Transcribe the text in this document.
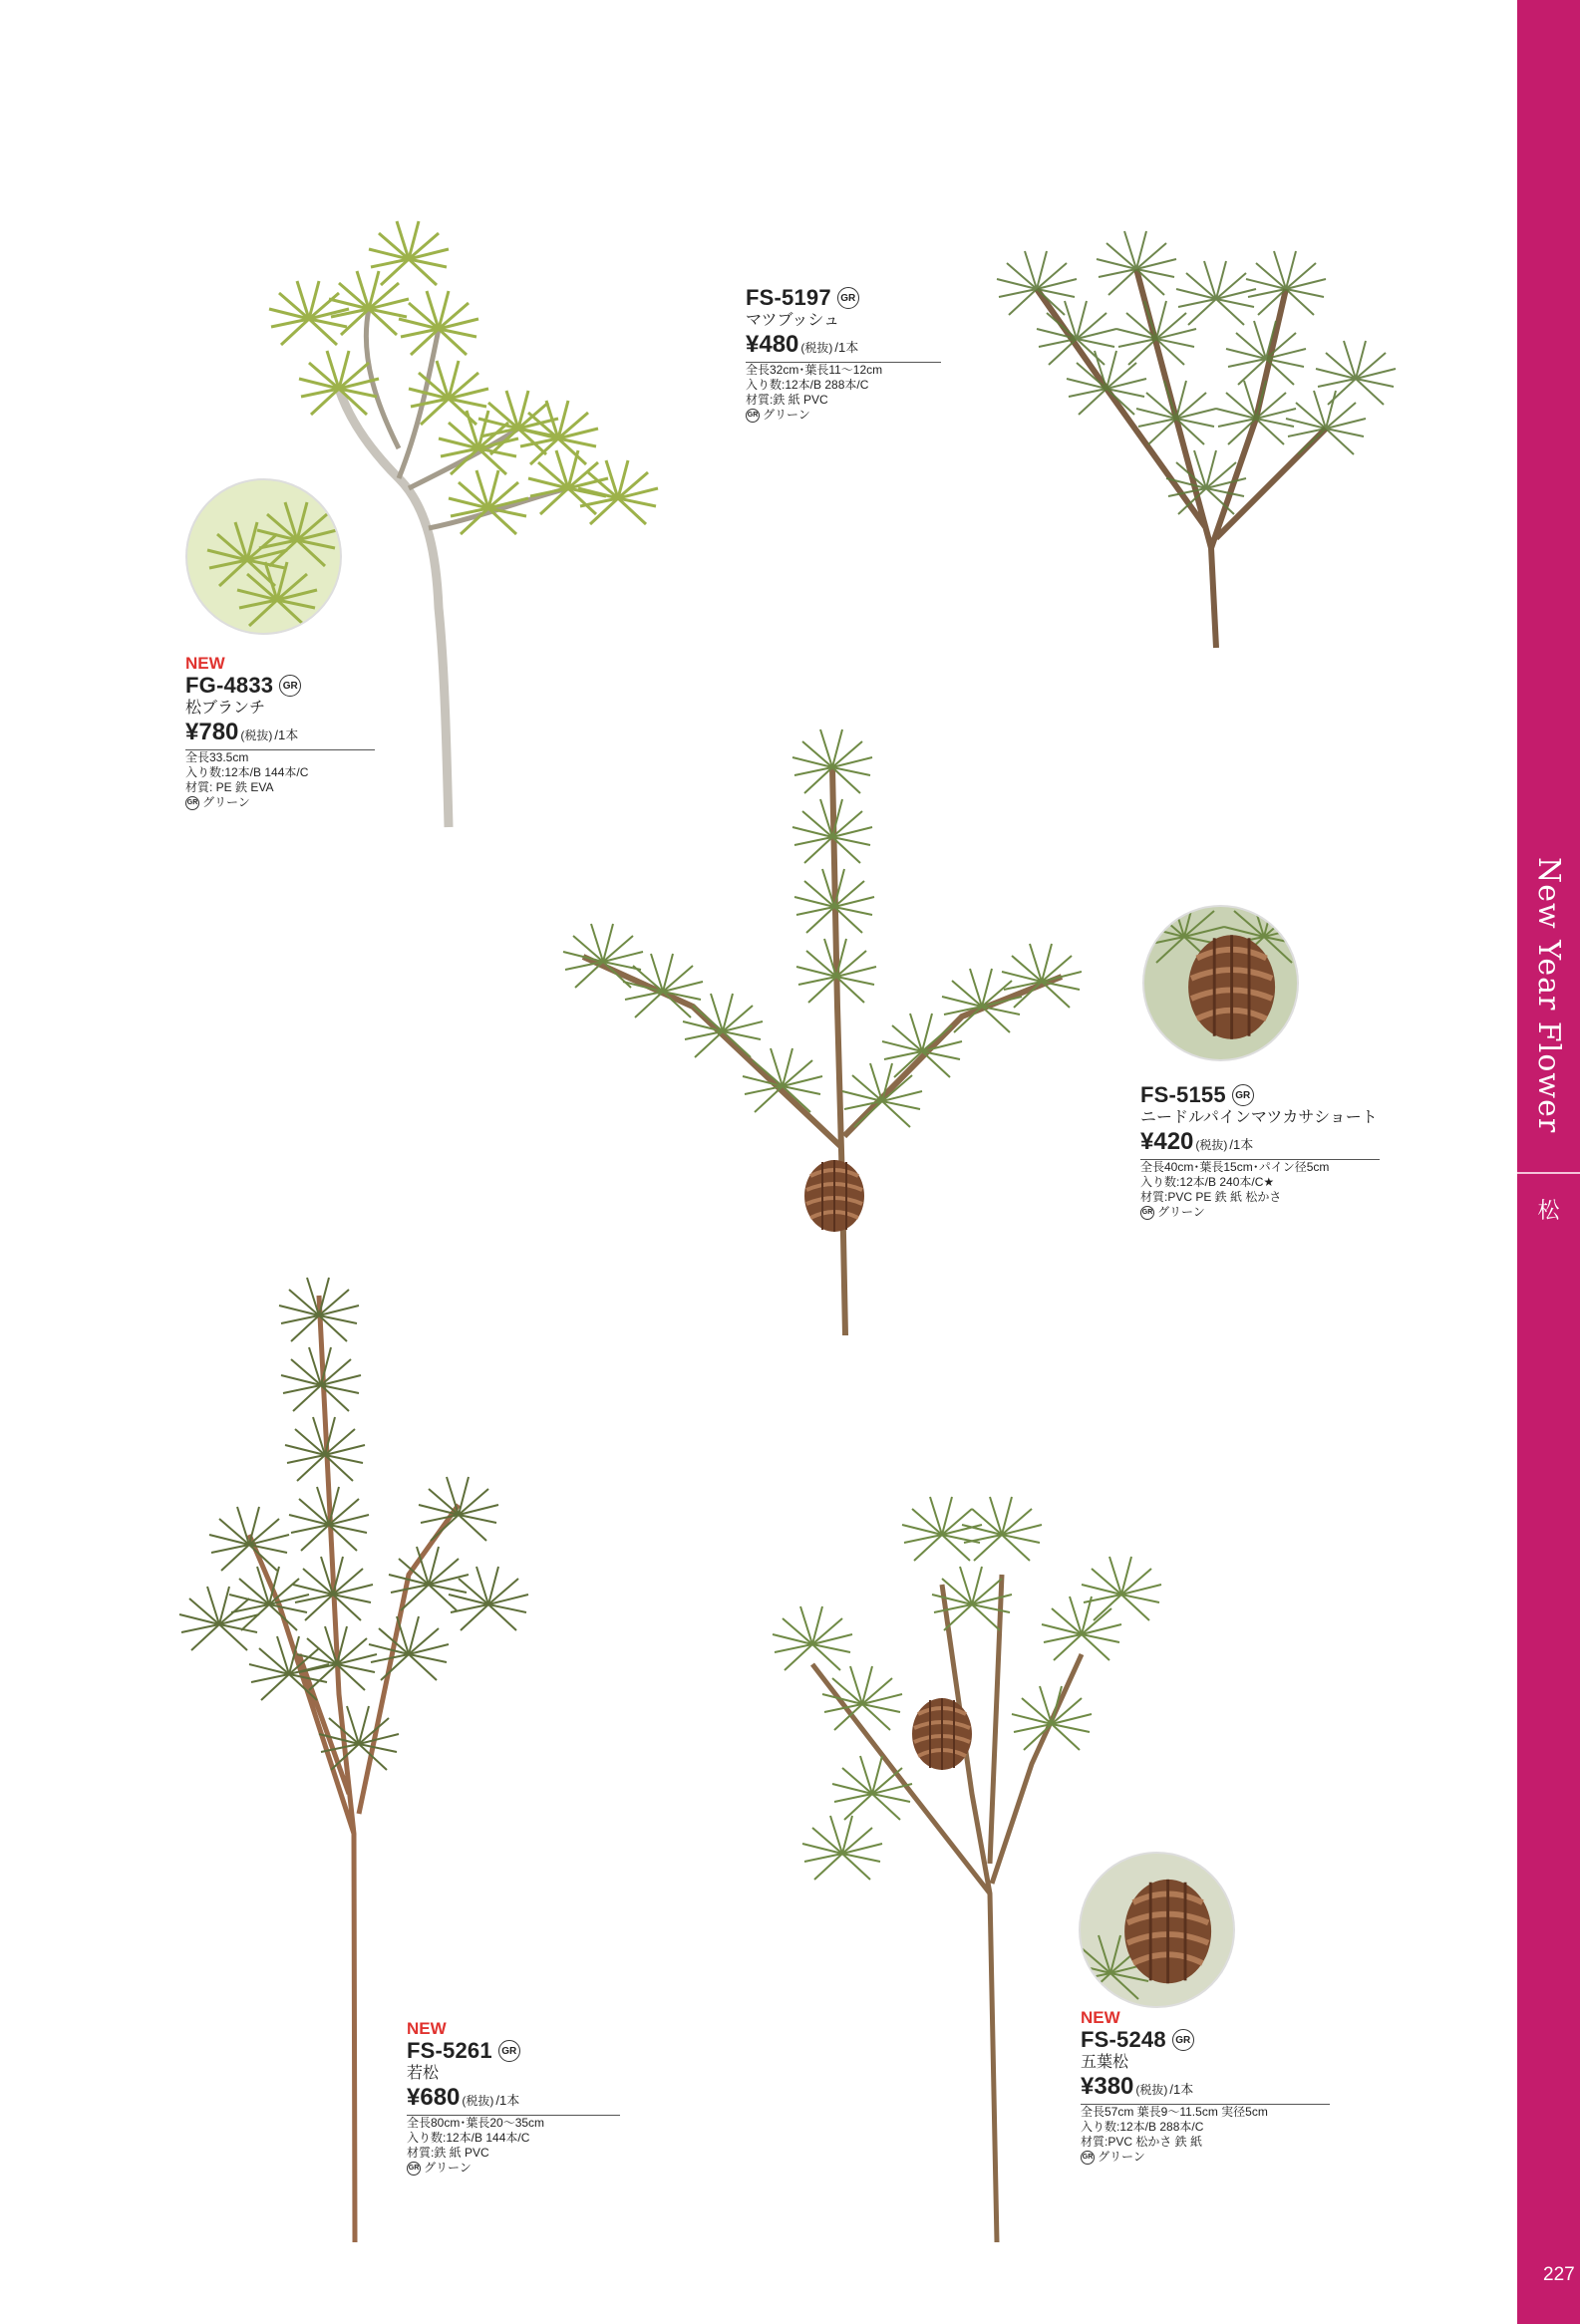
New Year Flower
松
227
NEW
FG-4833 GR
松ブランチ
¥780 (税抜) /1本
全長33.5cm
入り数:12本/B 144本/C
材質: PE 鉄 EVA
GR グリーン
FS-5197 GR
マツブッシュ
¥480 (税抜) /1本
全長32cm･葉長11～12cm
入り数:12本/B 288本/C
材質:鉄 紙 PVC
GR グリーン
FS-5155 GR
ニードルパインマツカサショート
¥420 (税抜) /1本
全長40cm･葉長15cm･パイン径5cm
入り数:12本/B 240本/C★
材質:PVC PE 鉄 紙 松かさ
GR グリーン
NEW
FS-5261 GR
若松
¥680 (税抜) /1本
全長80cm･葉長20～35cm
入り数:12本/B 144本/C
材質:鉄 紙 PVC
GR グリーン
NEW
FS-5248 GR
五葉松
¥380 (税抜) /1本
全長57cm 葉長9～11.5cm 実径5cm
入り数:12本/B 288本/C
材質:PVC 松かさ 鉄 紙
GR グリーン
